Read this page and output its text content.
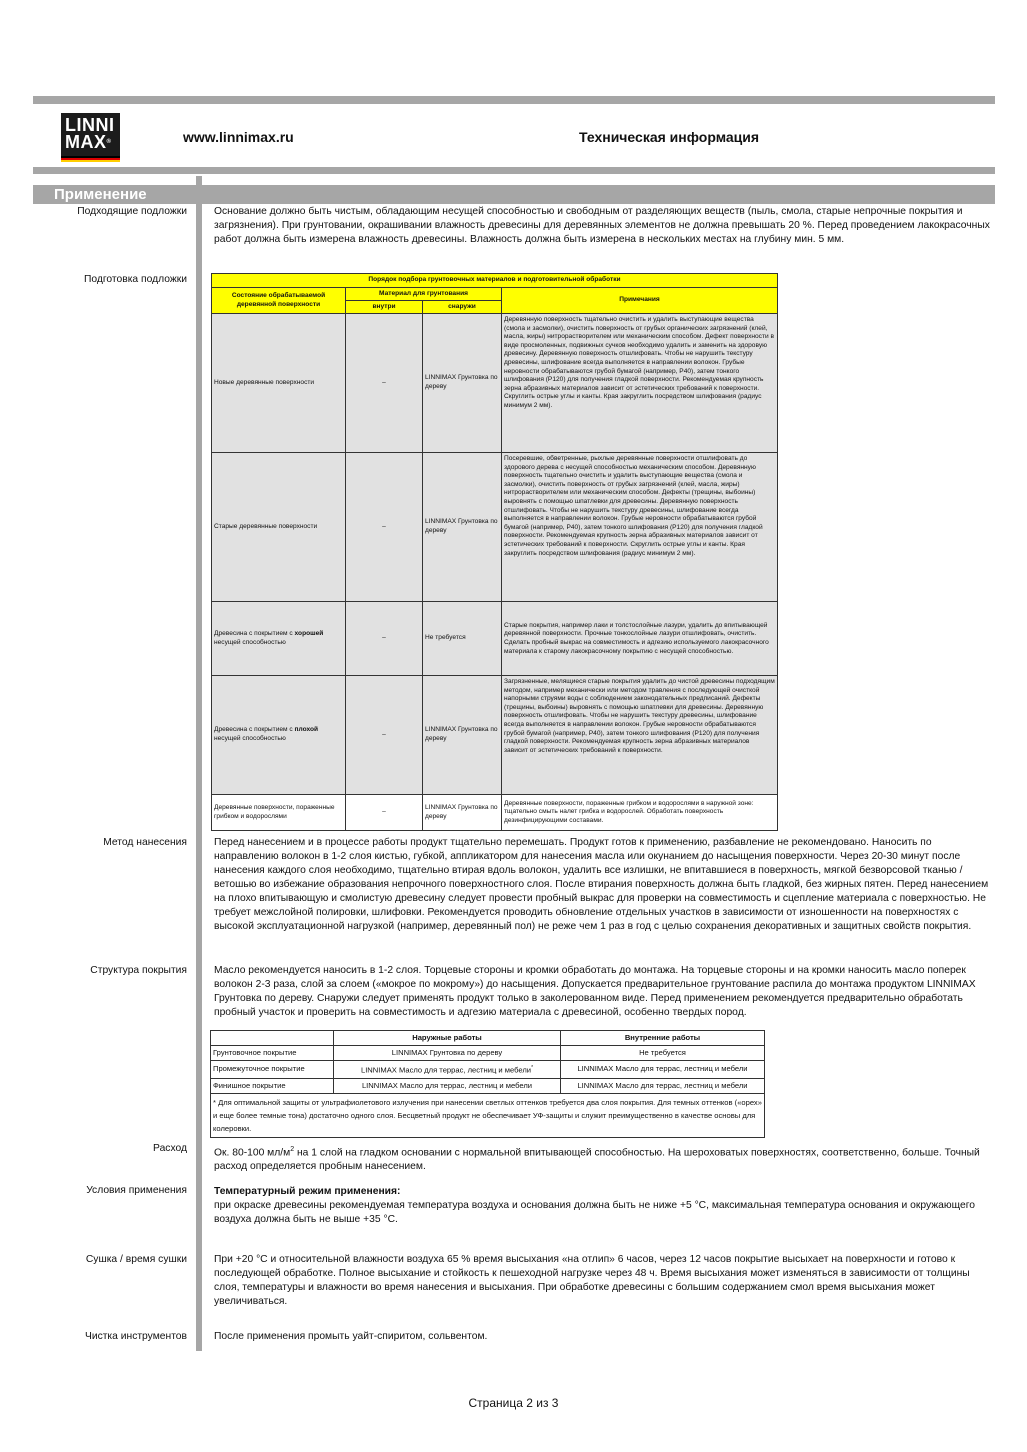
LINNI
MAX®	www.linnimax.ru	Техническая информация
Применение
Подходящие подложки	Основание должно быть чистым, обладающим несущей способностью и свободным от разделяющих веществ (пыль, смола, старые непрочные покрытия и загрязнения). При грунтовании, окрашивании влажность древесины для деревянных элементов не должна превышать 20 %. Перед проведением лакокрасочных работ должна быть измерена влажность древесины. Влажность должна быть измерена в нескольких местах на глубину мин. 5 мм.
Подготовка подложки	Порядок подбора грунтовочных материалов и подготовительной обработки			
Состояние обрабатываемой деревянной поверхности	Материал для грунтования		Примечания
	внутри	снаружи	
Новые деревянные поверхности	–	LINNIMAX Грунтовка по дереву	Деревянную поверхность тщательно очистить и удалить выступающие вещества (смола и засмолки), очистить поверхность от грубых органических загрязнений (клей, масла, жиры) нитрорастворителем или механическим способом. Дефект поверхности в виде просмоленных, подвижных сучков необходимо удалить и заменить на здоровую древесину. Деревянную поверхность отшлифовать. Чтобы не нарушить текстуру древесины, шлифование всегда выполняется в направлении волокон. Грубые неровности обрабатываются грубой бумагой (например, P40), затем тонкого шлифования (P120) для получения гладкой поверхности. Рекомендуемая крупность зерна абразивных материалов зависит от эстетических требований к поверхности. Скруглить острые углы и канты. Края закруглить посредством шлифования (радиус минимум 2 мм).
Старые деревянные поверхности	–	LINNIMAX Грунтовка по дереву	Посеревшие, обветренные, рыхлые деревянные поверхности отшлифовать до здорового дерева с несущей способностью механическим способом. Деревянную поверхность тщательно очистить и удалить выступающие вещества (смола и засмолки), очистить поверхность от грубых загрязнений (клей, масла, жиры) нитрорастворителем или механическим способом. Дефекты (трещины, выбоины) выровнять с помощью шпатлевки для древесины. Деревянную поверхность отшлифовать. Чтобы не нарушить текстуру древесины, шлифование всегда выполняется в направлении волокон. Грубые неровности обрабатываются грубой бумагой (например, P40), затем тонкого шлифования (P120) для получения гладкой поверхности. Рекомендуемая крупность зерна абразивных материалов зависит от эстетических требований к поверхности. Скруглить острые углы и канты. Края закруглить посредством шлифования (радиус минимум 2 мм).
Древесина с покрытием с хорошей несущей способностью	–	Не требуется	Старые покрытия, например лаки и толстослойные лазури, удалить до впитывающей деревянной поверхности. Прочные тонкослойные лазури отшлифовать, очистить. Сделать пробный выкрас на совместимость и адгезию используемого лакокрасочного материала к старому лакокрасочному покрытию с несущей способностью.
Древесина с покрытием с плохой несущей способностью	–	LINNIMAX Грунтовка по дереву	Загрязненные, мелящиеся старые покрытия удалить до чистой древесины подходящим методом, например механически или методом травления с последующей очисткой напорными струями воды с соблюдением законодательных предписаний. Дефекты (трещины, выбоины) выровнять с помощью шпатлевки для древесины. Деревянную поверхность отшлифовать. Чтобы не нарушить текстуру древесины, шлифование всегда выполняется в направлении волокон. Грубые неровности обрабатываются грубой бумагой (например, P40), затем тонкого шлифования (P120) для получения гладкой поверхности. Рекомендуемая крупность зерна абразивных материалов зависит от эстетических требований к поверхности.
Деревянные поверхности, пораженные грибком и водорослями	–	LINNIMAX Грунтовка по дереву	Деревянные поверхности, пораженные грибком и водорослями в наружной зоне: тщательно смыть налет грибка и водорослей. Обработать поверхность дезинфицирующими составами.
Метод нанесения	Перед нанесением и в процессе работы продукт тщательно перемешать. Продукт готов к применению, разбавление не рекомендовано. Наносить по направлению волокон в 1-2 слоя кистью, губкой, аппликатором для нанесения масла или окунанием до насыщения поверхности. Через 20-30 минут после нанесения каждого слоя необходимо, тщательно втирая вдоль волокон, удалить все излишки, не впитавшиеся в поверхность, мягкой безворсовой тканью / ветошью во избежание образования непрочного поверхностного слоя. После втирания поверхность должна быть гладкой, без жирных пятен. Перед нанесением на плохо впитывающую и смолистую древесину следует провести пробный выкрас для проверки на совместимость и сцепление материала с поверхностью. Не требует межслойной полировки, шлифовки. Рекомендуется проводить обновление отдельных участков в зависимости от изношенности на поверхностях с высокой эксплуатационной нагрузкой (например, деревянный пол) не реже чем 1 раз в год с целью сохранения декоративных и защитных свойств покрытия.
Структура покрытия	Масло рекомендуется наносить в 1-2 слоя. Торцевые стороны и кромки обработать до монтажа. На торцевые стороны и на кромки наносить масло поперек волокон 2-3 раза, слой за слоем («мокрое по мокрому») до насыщения. Допускается предварительное грунтование распила до монтажа продуктом LINNIMAX Грунтовка по дереву. Снаружи следует применять продукт только в заколерованном виде. Перед применением рекомендуется предварительно обработать пробный участок и проверить на совместимость и адгезию материала с древесиной, особенно твердых пород.
	Наружные работы	Внутренние работы
Грунтовочное покрытие	LINNIMAX Грунтовка по дереву	Не требуется
Промежуточное покрытие	LINNIMAX Масло для террас, лестниц и мебели*	LINNIMAX Масло для террас, лестниц и мебели
Финишное покрытие	LINNIMAX Масло для террас, лестниц и мебели	LINNIMAX Масло для террас, лестниц и мебели
* Для оптимальной защиты от ультрафиолетового излучения при нанесении светлых оттенков требуется два слоя покрытия. Для темных оттенков («орех» и еще более темные тона) достаточно одного слоя. Бесцветный продукт не обеспечивает УФ-защиты и служит преимущественно в качестве основы для колеровки.		
Расход	Ок. 80-100 $мл/м^2$ на 1 слой на гладком основании с нормальной впитывающей способностью. На шероховатых поверхностях, соответственно, больше. Точный расход определяется пробным нанесением.
Условия применения	Температурный режим применения:
при окраске древесины рекомендуемая температура воздуха и основания должна быть не ниже +5 °С, максимальная температура основания и окружающего воздуха должна быть не выше +35 °С.
Сушка / время сушки	При +20 °С и относительной влажности воздуха 65 % время высыхания «на отлип» 6 часов, через 12 часов покрытие высыхает на поверхности и готово к последующей обработке. Полное высыхание и стойкость к пешеходной нагрузке через 48 ч. Время высыхания может изменяться в зависимости от толщины слоя, температуры и влажности во время нанесения и высыхания. При обработке древесины с большим содержанием смол время высыхания может увеличиваться.
Чистка инструментов	После применения промыть уайт-спиритом, сольвентом.
Страница 2 из 3
